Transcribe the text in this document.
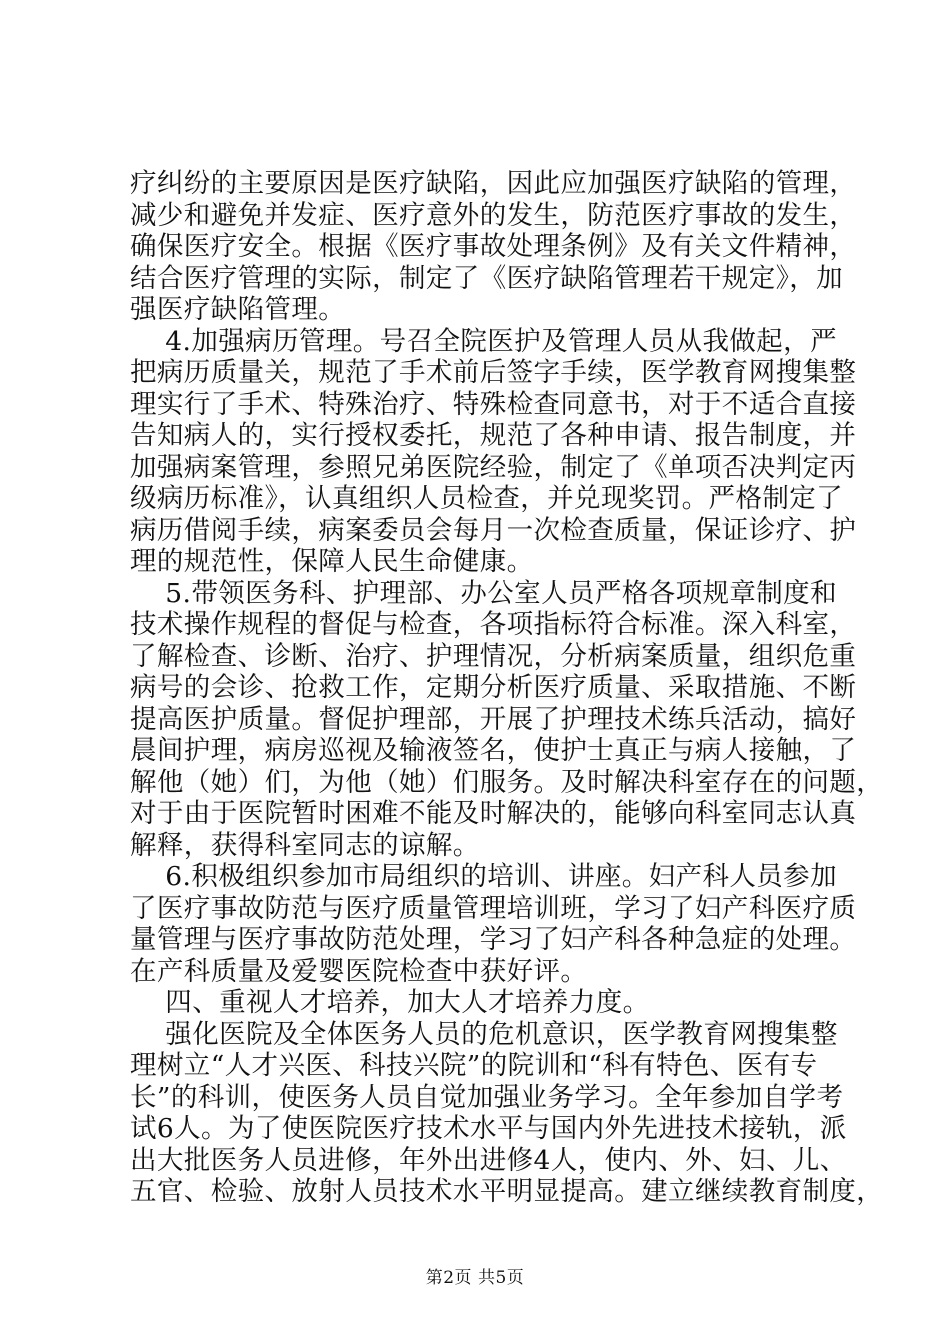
疗纠纷的主要原因是医疗缺陷，因此应加强医疗缺陷的管理，
减少和避免并发症、医疗意外的发生，防范医疗事故的发生，
确保医疗安全。根据《医疗事故处理条例》及有关文件精神，
结合医疗管理的实际，制定了《医疗缺陷管理若干规定》，加
强医疗缺陷管理。
4.加强病历管理。号召全院医护及管理人员从我做起，严
把病历质量关，规范了手术前后签字手续，医学教育网搜集整
理实行了手术、特殊治疗、特殊检查同意书，对于不适合直接
告知病人的，实行授权委托，规范了各种申请、报告制度，并
加强病案管理，参照兄弟医院经验，制定了《单项否决判定丙
级病历标准》，认真组织人员检查，并兑现奖罚。严格制定了
病历借阅手续，病案委员会每月一次检查质量，保证诊疗、护
理的规范性，保障人民生命健康。
5.带领医务科、护理部、办公室人员严格各项规章制度和
技术操作规程的督促与检查，各项指标符合标准。深入科室，
了解检查、诊断、治疗、护理情况，分析病案质量，组织危重
病号的会诊、抢救工作，定期分析医疗质量、采取措施、不断
提高医护质量。督促护理部，开展了护理技术练兵活动，搞好
晨间护理，病房巡视及输液签名，使护士真正与病人接触，了
解他（她）们，为他（她）们服务。及时解决科室存在的问题，
对于由于医院暂时困难不能及时解决的，能够向科室同志认真
解释，获得科室同志的谅解。
6.积极组织参加市局组织的培训、讲座。妇产科人员参加
了医疗事故防范与医疗质量管理培训班，学习了妇产科医疗质
量管理与医疗事故防范处理，学习了妇产科各种急症的处理。
在产科质量及爱婴医院检查中获好评。
四、重视人才培养，加大人才培养力度。
强化医院及全体医务人员的危机意识，医学教育网搜集整
理树立“人才兴医、科技兴院”的院训和“科有特色、医有专
长”的科训，使医务人员自觉加强业务学习。全年参加自学考
试6人。为了使医院医疗技术水平与国内外先进技术接轨，派
出大批医务人员进修，年外出进修4人，使内、外、妇、儿、
五官、检验、放射人员技术水平明显提高。建立继续教育制度，
第2页 共5页
